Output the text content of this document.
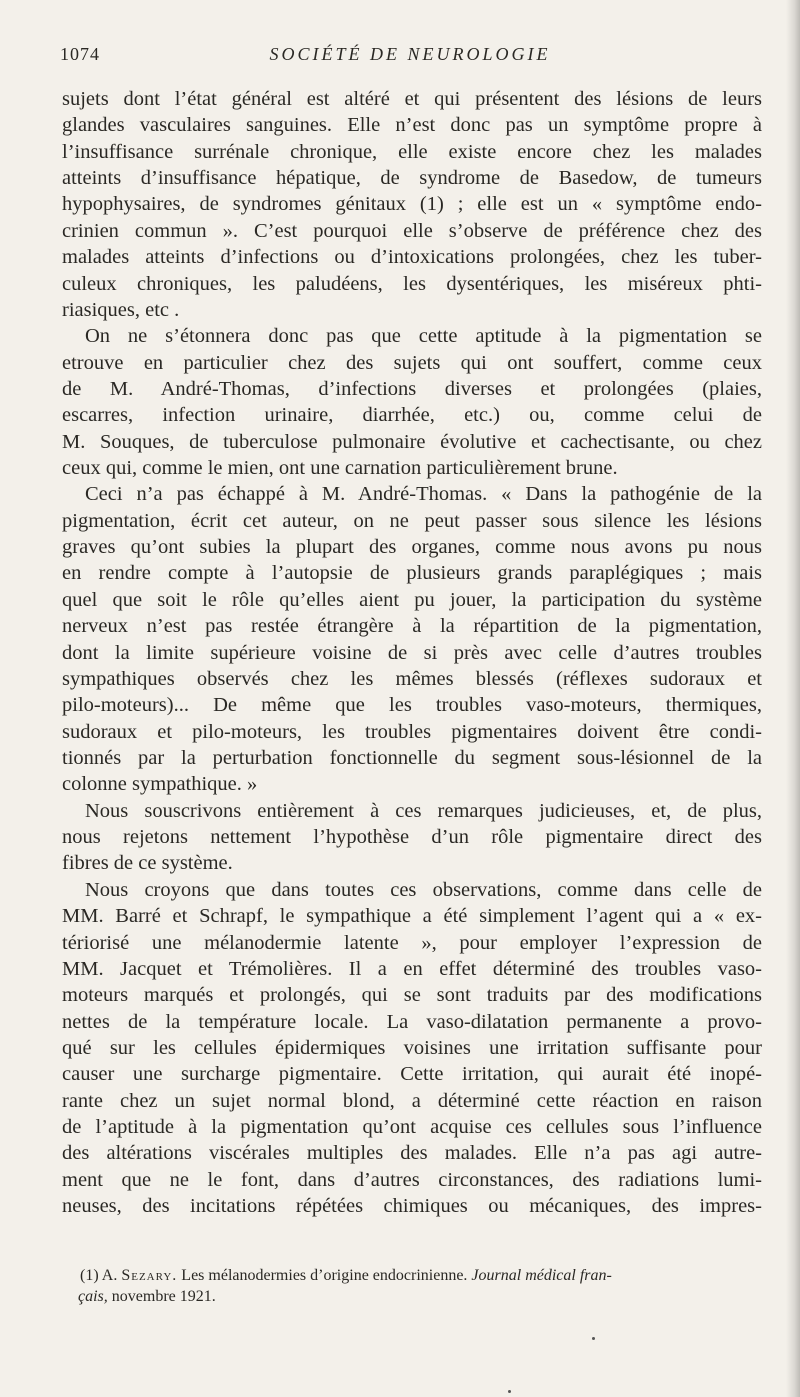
1074	SOCIÉTÉ DE NEUROLOGIE
sujets dont l’état général est altéré et qui présentent des lésions de leurs
glandes vasculaires sanguines. Elle n’est donc pas un symptôme propre à
l’insuffisance surrénale chronique, elle existe encore chez les malades
atteints d’insuffisance hépatique, de syndrome de Basedow, de tumeurs
hypophysaires, de syndromes génitaux (1) ; elle est un « symptôme endo-
crinien commun ». C’est pourquoi elle s’observe de préférence chez des
malades atteints d’infections ou d’intoxications prolongées, chez les tuber-
culeux chroniques, les paludéens, les dysentériques, les miséreux phti-
riasiques, etc .
On ne s’étonnera donc pas que cette aptitude à la pigmentation se
etrouve en particulier chez des sujets qui ont souffert, comme ceux
de M. André-Thomas, d’infections diverses et prolongées (plaies,
escarres, infection urinaire, diarrhée, etc.) ou, comme celui de
M. Souques, de tuberculose pulmonaire évolutive et cachectisante, ou chez
ceux qui, comme le mien, ont une carnation particulièrement brune.
Ceci n’a pas échappé à M. André-Thomas. « Dans la pathogénie de la
pigmentation, écrit cet auteur, on ne peut passer sous silence les lésions
graves qu’ont subies la plupart des organes, comme nous avons pu nous
en rendre compte à l’autopsie de plusieurs grands paraplégiques ; mais
quel que soit le rôle qu’elles aient pu jouer, la participation du système
nerveux n’est pas restée étrangère à la répartition de la pigmentation,
dont la limite supérieure voisine de si près avec celle d’autres troubles
sympathiques observés chez les mêmes blessés (réflexes sudoraux et
pilo-moteurs)... De même que les troubles vaso-moteurs, thermiques,
sudoraux et pilo-moteurs, les troubles pigmentaires doivent être condi-
tionnés par la perturbation fonctionnelle du segment sous-lésionnel de la
colonne sympathique. »
Nous souscrivons entièrement à ces remarques judicieuses, et, de plus,
nous rejetons nettement l’hypothèse d’un rôle pigmentaire direct des
fibres de ce système.
Nous croyons que dans toutes ces observations, comme dans celle de
MM. Barré et Schrapf, le sympathique a été simplement l’agent qui a « ex-
tériorisé une mélanodermie latente », pour employer l’expression de
MM. Jacquet et Trémolières. Il a en effet déterminé des troubles vaso-
moteurs marqués et prolongés, qui se sont traduits par des modifications
nettes de la température locale. La vaso-dilatation permanente a provo-
qué sur les cellules épidermiques voisines une irritation suffisante pour
causer une surcharge pigmentaire. Cette irritation, qui aurait été inopé-
rante chez un sujet normal blond, a déterminé cette réaction en raison
de l’aptitude à la pigmentation qu’ont acquise ces cellules sous l’influence
des altérations viscérales multiples des malades. Elle n’a pas agi autre-
ment que ne le font, dans d’autres circonstances, des radiations lumi-
neuses, des incitations répétées chimiques ou mécaniques, des impres-
(1) A. Sezary. Les mélanodermies d’origine endocrinienne. Journal médical fran-
çais, novembre 1921.
